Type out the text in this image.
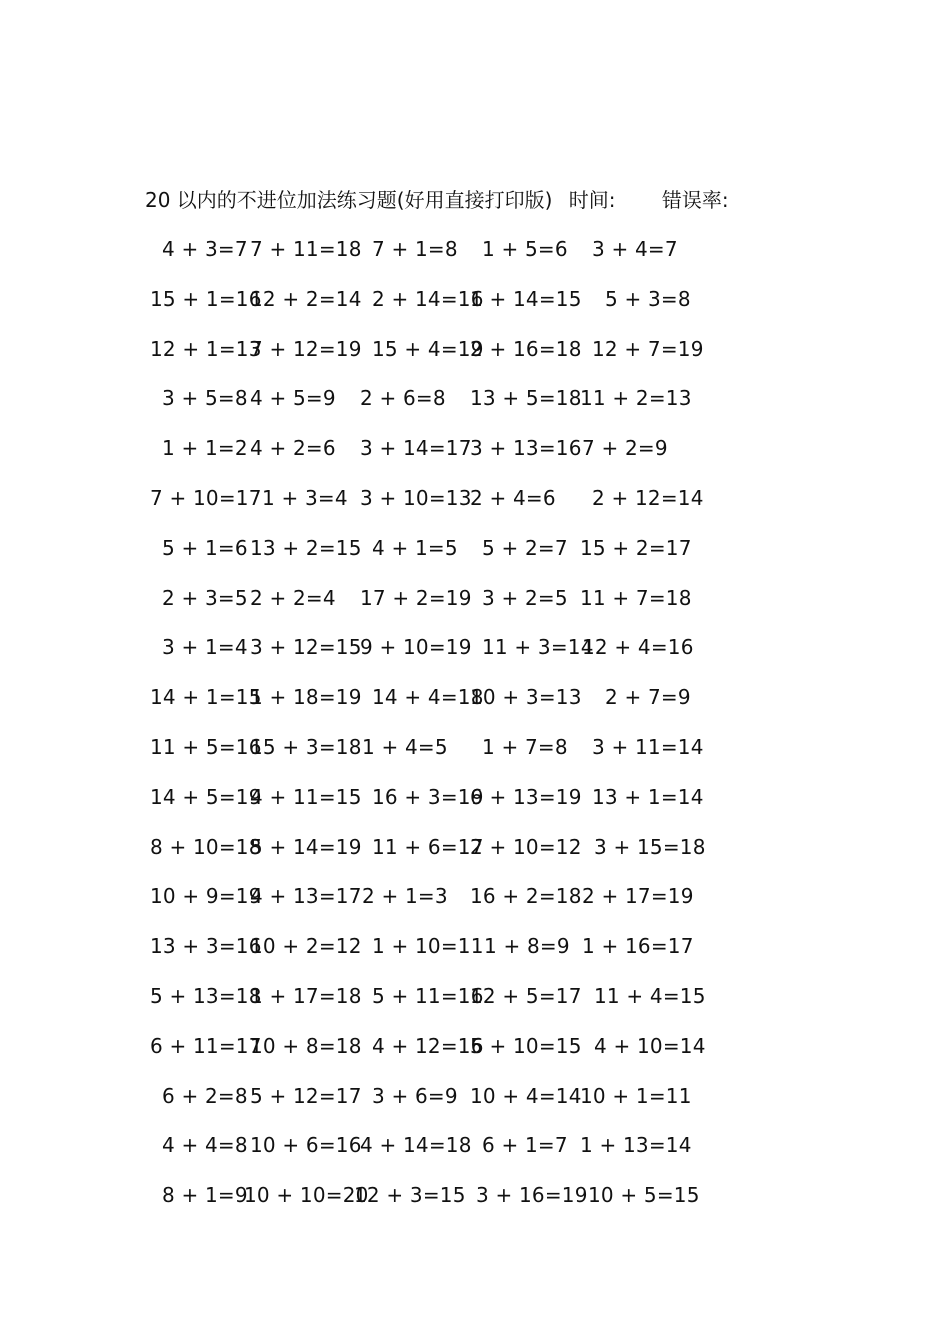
20 以内的不进位加法练习题(好用直接打印版) 时间: 错误率:
4 + 3=7 7 + 11=18 7 + 1=8 1 + 5=6 3 + 4=7
15 + 1=16
12 + 2=14 2 + 14=16
1 + 14=15 5 + 3=8
12 + 1=13
7 + 12=19 15 + 4=19
2 + 16=18 12 + 7=19
3 + 5=8 4 + 5=9 2 + 6=8 13 + 5=18
11 + 2=13
1 + 1=2 4 + 2=6 3 + 14=17
3 + 13=16 7 + 2=9
7 + 10=17 1 + 3=4 3 + 10=13
2 + 4=6 2 + 12=14
5 + 1=6 13 + 2=15 4 + 1=5 5 + 2=7 15 + 2=17
2 + 3=5 2 + 2=4 17 + 2=19 3 + 2=5 11 + 7=18
3 + 1=4 3 + 12=15
9 + 10=19 11 + 3=14
12 + 4=16
14 + 1=15
1 + 18=19 14 + 4=18
10 + 3=13 2 + 7=9
11 + 5=16
15 + 3=18 1 + 4=5 1 + 7=8 3 + 11=14
14 + 5=19
4 + 11=15 16 + 3=19
6 + 13=19 13 + 1=14
8 + 10=18
5 + 14=19 11 + 6=17
2 + 10=12 3 + 15=18
10 + 9=19
4 + 13=17 2 + 1=3 16 + 2=18 2 + 17=19
13 + 3=16
10 + 2=12 1 + 10=11 1 + 8=9 1 + 16=17
5 + 13=18
1 + 17=18 5 + 11=16
12 + 5=17 11 + 4=15
6 + 11=17
10 + 8=18 4 + 12=16
5 + 10=15 4 + 10=14
6 + 2=8 5 + 12=17 3 + 6=9 10 + 4=14
10 + 1=11
4 + 4=8 10 + 6=16
4 + 14=18 6 + 1=7 1 + 13=14
8 + 1=9
10 + 10=20
12 + 3=15 3 + 16=19 10 + 5=15
